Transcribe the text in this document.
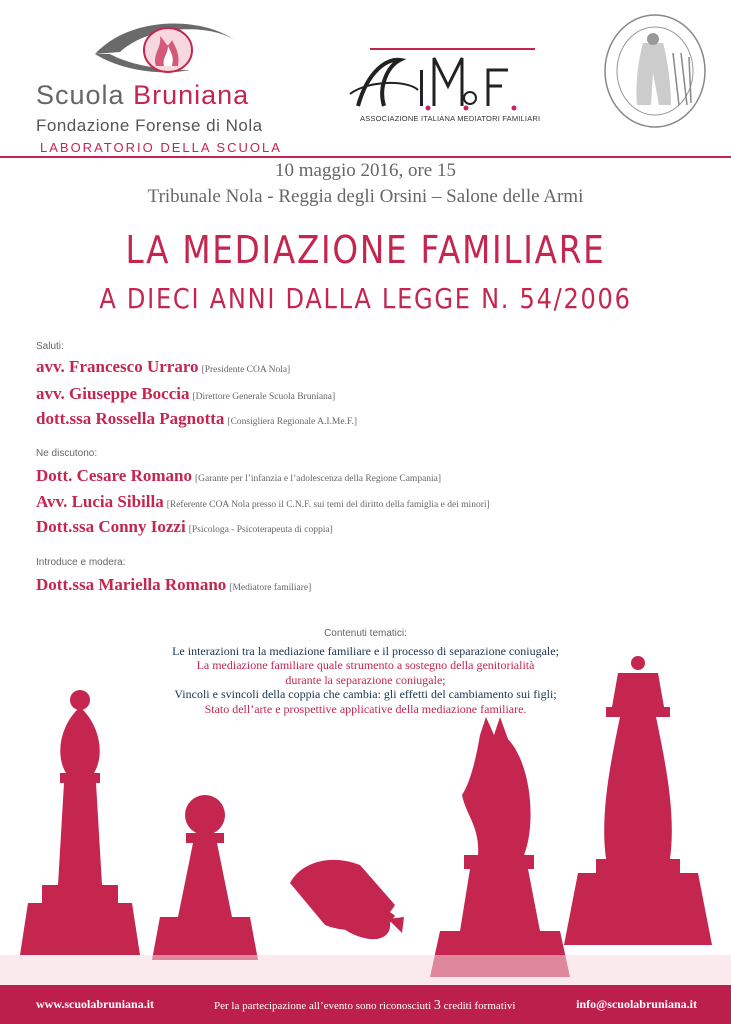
Scuola Bruniana
Fondazione Forense di Nola
LABORATORIO DELLA SCUOLA
ASSOCIAZIONE ITALIANA MEDIATORI FAMILIARI
10 maggio 2016, ore 15
Tribunale Nola - Reggia degli Orsini – Salone delle Armi
LA MEDIAZIONE FAMILIARE
A DIECI ANNI DALLA LEGGE N. 54/2006
Saluti:
avv. Francesco Urraro [Presidente COA Nola]
avv. Giuseppe Boccia [Direttore Generale Scuola Bruniana]
dott.ssa Rossella Pagnotta [Consigliera Regionale A.I.Me.F.]
Ne discutono:
Dott. Cesare Romano [Garante per l’infanzia e l’adolescenza della Regione Campania]
Avv. Lucia Sibilla [Referente COA Nola presso il C.N.F. sui temi del diritto della famiglia e dei minori]
Dott.ssa Conny Iozzi [Psicologa - Psicoterapeuta di coppia]
Introduce e modera:
Dott.ssa Mariella Romano [Mediatore familiare]
Contenuti tematici:
Le interazioni tra la mediazione familiare e il processo di separazione coniugale;
La mediazione familiare quale strumento a sostegno della genitorialità
durante la separazione coniugale;
Vincoli e svincoli della coppia che cambia: gli effetti del cambiamento sui figli;
Stato dell’arte e prospettive applicative della mediazione familiare.
www.scuolabruniana.it	Per la partecipazione all’evento sono riconosciuti 3 crediti formativi	info@scuolabruniana.it
